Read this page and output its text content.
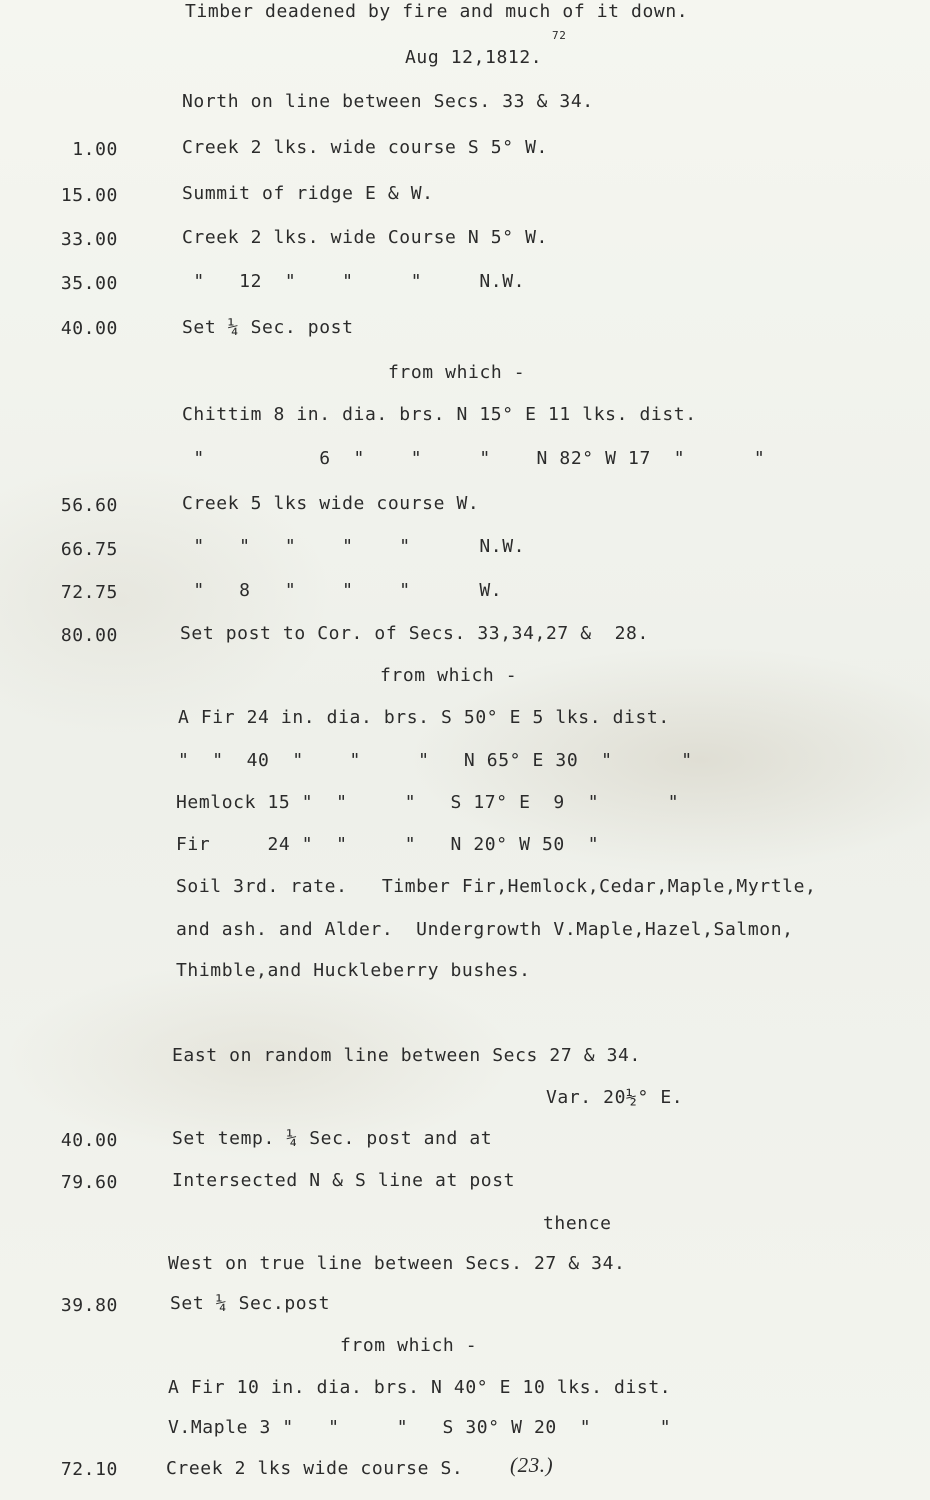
Timber deadened by fire and much of it down.
72
Aug 12,1812.
North on line between Secs. 33 & 34.
1.00	Creek 2 lks. wide course S 5° W.
15.00	Summit of ridge E & W.
33.00	Creek 2 lks. wide Course N 5° W.
35.00	"   12  "    "     "     N.W.
40.00	Set ¼ Sec. post
from which -
Chittim 8 in. dia. brs. N 15° E 11 lks. dist.
"          6  "    "     "    N 82° W 17  "      "
56.60	Creek 5 lks wide course W.
66.75	"   "   "    "    "      N.W.
72.75	"   8   "    "    "      W.
80.00	Set post to Cor. of Secs. 33,34,27 &  28.
from which -
A Fir 24 in. dia. brs. S 50° E 5 lks. dist.
"  "  40  "    "     "   N 65° E 30  "      "
Hemlock 15 "  "     "   S 17° E  9  "      "
Fir     24 "  "     "   N 20° W 50  "
Soil 3rd. rate.   Timber Fir,Hemlock,Cedar,Maple,Myrtle,
and ash. and Alder.  Undergrowth V.Maple,Hazel,Salmon,
Thimble,and Huckleberry bushes.
East on random line between Secs 27 & 34.
Var. 20½° E.
40.00	Set temp. ¼ Sec. post and at
79.60	Intersected N & S line at post
thence
West on true line between Secs. 27 & 34.
39.80	Set ¼ Sec.post
from which -
A Fir 10 in. dia. brs. N 40° E 10 lks. dist.
V.Maple 3 "   "     "   S 30° W 20  "      "
72.10	Creek 2 lks wide course S. (23.)
